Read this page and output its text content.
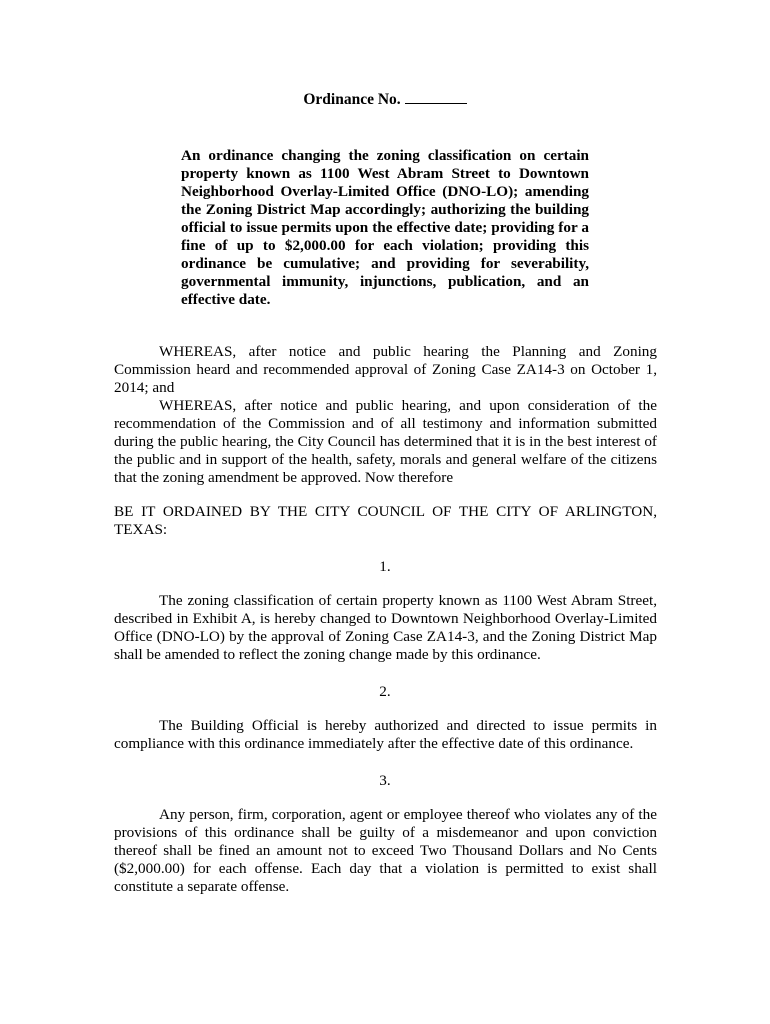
Ordinance No.
An ordinance changing the zoning classification on certain property known as 1100 West Abram Street to Downtown Neighborhood Overlay-Limited Office (DNO-LO); amending the Zoning District Map accordingly; authorizing the building official to issue permits upon the effective date; providing for a fine of up to $2,000.00 for each violation; providing this ordinance be cumulative; and providing for severability, governmental immunity, injunctions, publication, and an effective date.
WHEREAS, after notice and public hearing the Planning and Zoning Commission heard and recommended approval of Zoning Case ZA14-3 on October 1, 2014; and
WHEREAS, after notice and public hearing, and upon consideration of the recommendation of the Commission and of all testimony and information submitted during the public hearing, the City Council has determined that it is in the best interest of the public and in support of the health, safety, morals and general welfare of the citizens that the zoning amendment be approved. Now therefore
BE IT ORDAINED BY THE CITY COUNCIL OF THE CITY OF ARLINGTON, TEXAS:
1.
The zoning classification of certain property known as 1100 West Abram Street, described in Exhibit A, is hereby changed to Downtown Neighborhood Overlay-Limited Office (DNO-LO) by the approval of Zoning Case ZA14-3, and the Zoning District Map shall be amended to reflect the zoning change made by this ordinance.
2.
The Building Official is hereby authorized and directed to issue permits in compliance with this ordinance immediately after the effective date of this ordinance.
3.
Any person, firm, corporation, agent or employee thereof who violates any of the provisions of this ordinance shall be guilty of a misdemeanor and upon conviction thereof shall be fined an amount not to exceed Two Thousand Dollars and No Cents ($2,000.00) for each offense. Each day that a violation is permitted to exist shall constitute a separate offense.
